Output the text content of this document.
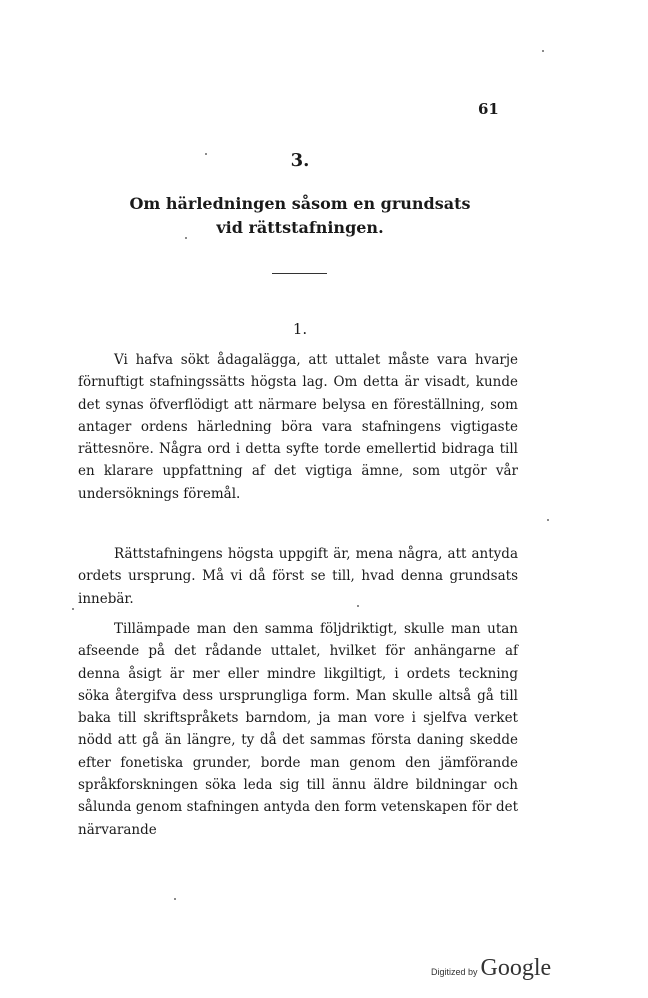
61
3.
Om härledningen såsom en grundsats
vid rättstafningen.
1.

Vi hafva sökt ådagalägga, att uttalet måste vara hvarje förnuftigt stafningssätts högsta lag. Om detta är visadt, kunde det synas öfverflödigt att närmare belysa en föreställning, som antager ordens härledning böra vara stafningens vigtigaste rättesnöre. Några ord i detta syfte torde emellertid bidraga till en klarare uppfattning af det vigtiga ämne, som utgör vår undersöknings föremål.

Rättstafningens högsta uppgift är, mena några, att antyda ordets ursprung. Må vi då först se till, hvad denna grundsats innebär.

Tillämpade man den samma följdriktigt, skulle man utan afseende på det rådande uttalet, hvilket för anhängarne af denna åsigt är mer eller mindre likgiltigt, i ordets teckning söka återgifva dess ursprungliga form. Man skulle altså gå till baka till skriftspråkets barndom, ja man vore i sjelfva verket nödd att gå än längre, ty då det sammas första daning skedde efter fonetiska grunder, borde man genom den jämförande språkforskningen söka leda sig till ännu äldre bildningar och sålunda genom stafningen antyda den form vetenskapen för det närvarande

Digitized by Google
